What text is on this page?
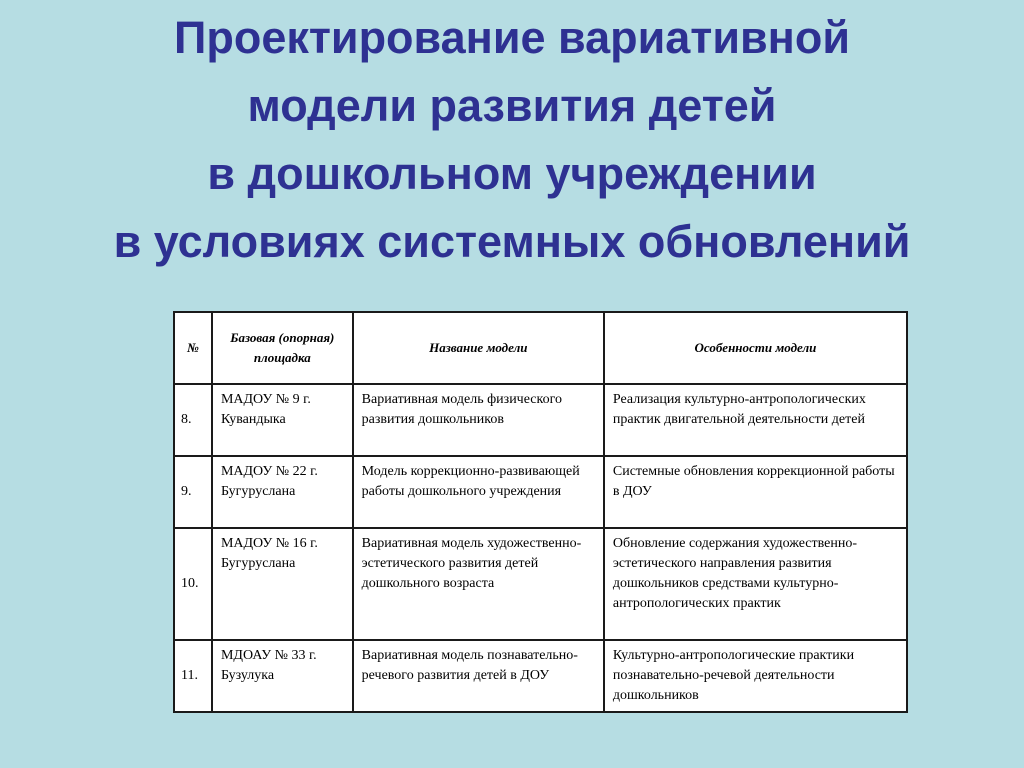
Проектирование вариативной
модели развития детей
в дошкольном учреждении
в условиях системных обновлений
№	Базовая (опорная) площадка	Название модели	Особенности модели
8.	МАДОУ № 9 г. Кувандыка	Вариативная модель физического развития дошкольников	Реализация культурно-антропологических практик двигательной деятельности детей
9.	МАДОУ № 22 г. Бугуруслана	Модель коррекционно-развивающей работы дошкольного учреждения	Системные обновления коррекционной работы в ДОУ
10.	МАДОУ № 16 г. Бугуруслана	Вариативная модель художественно-эстетического развития детей дошкольного возраста	Обновление содержания художественно-эстетического направления развития дошкольников средствами культурно-антропологических практик
11.	МДОАУ № 33 г. Бузулука	Вариативная модель познавательно-речевого развития детей в ДОУ	Культурно-антропологические практики познавательно-речевой деятельности дошкольников
